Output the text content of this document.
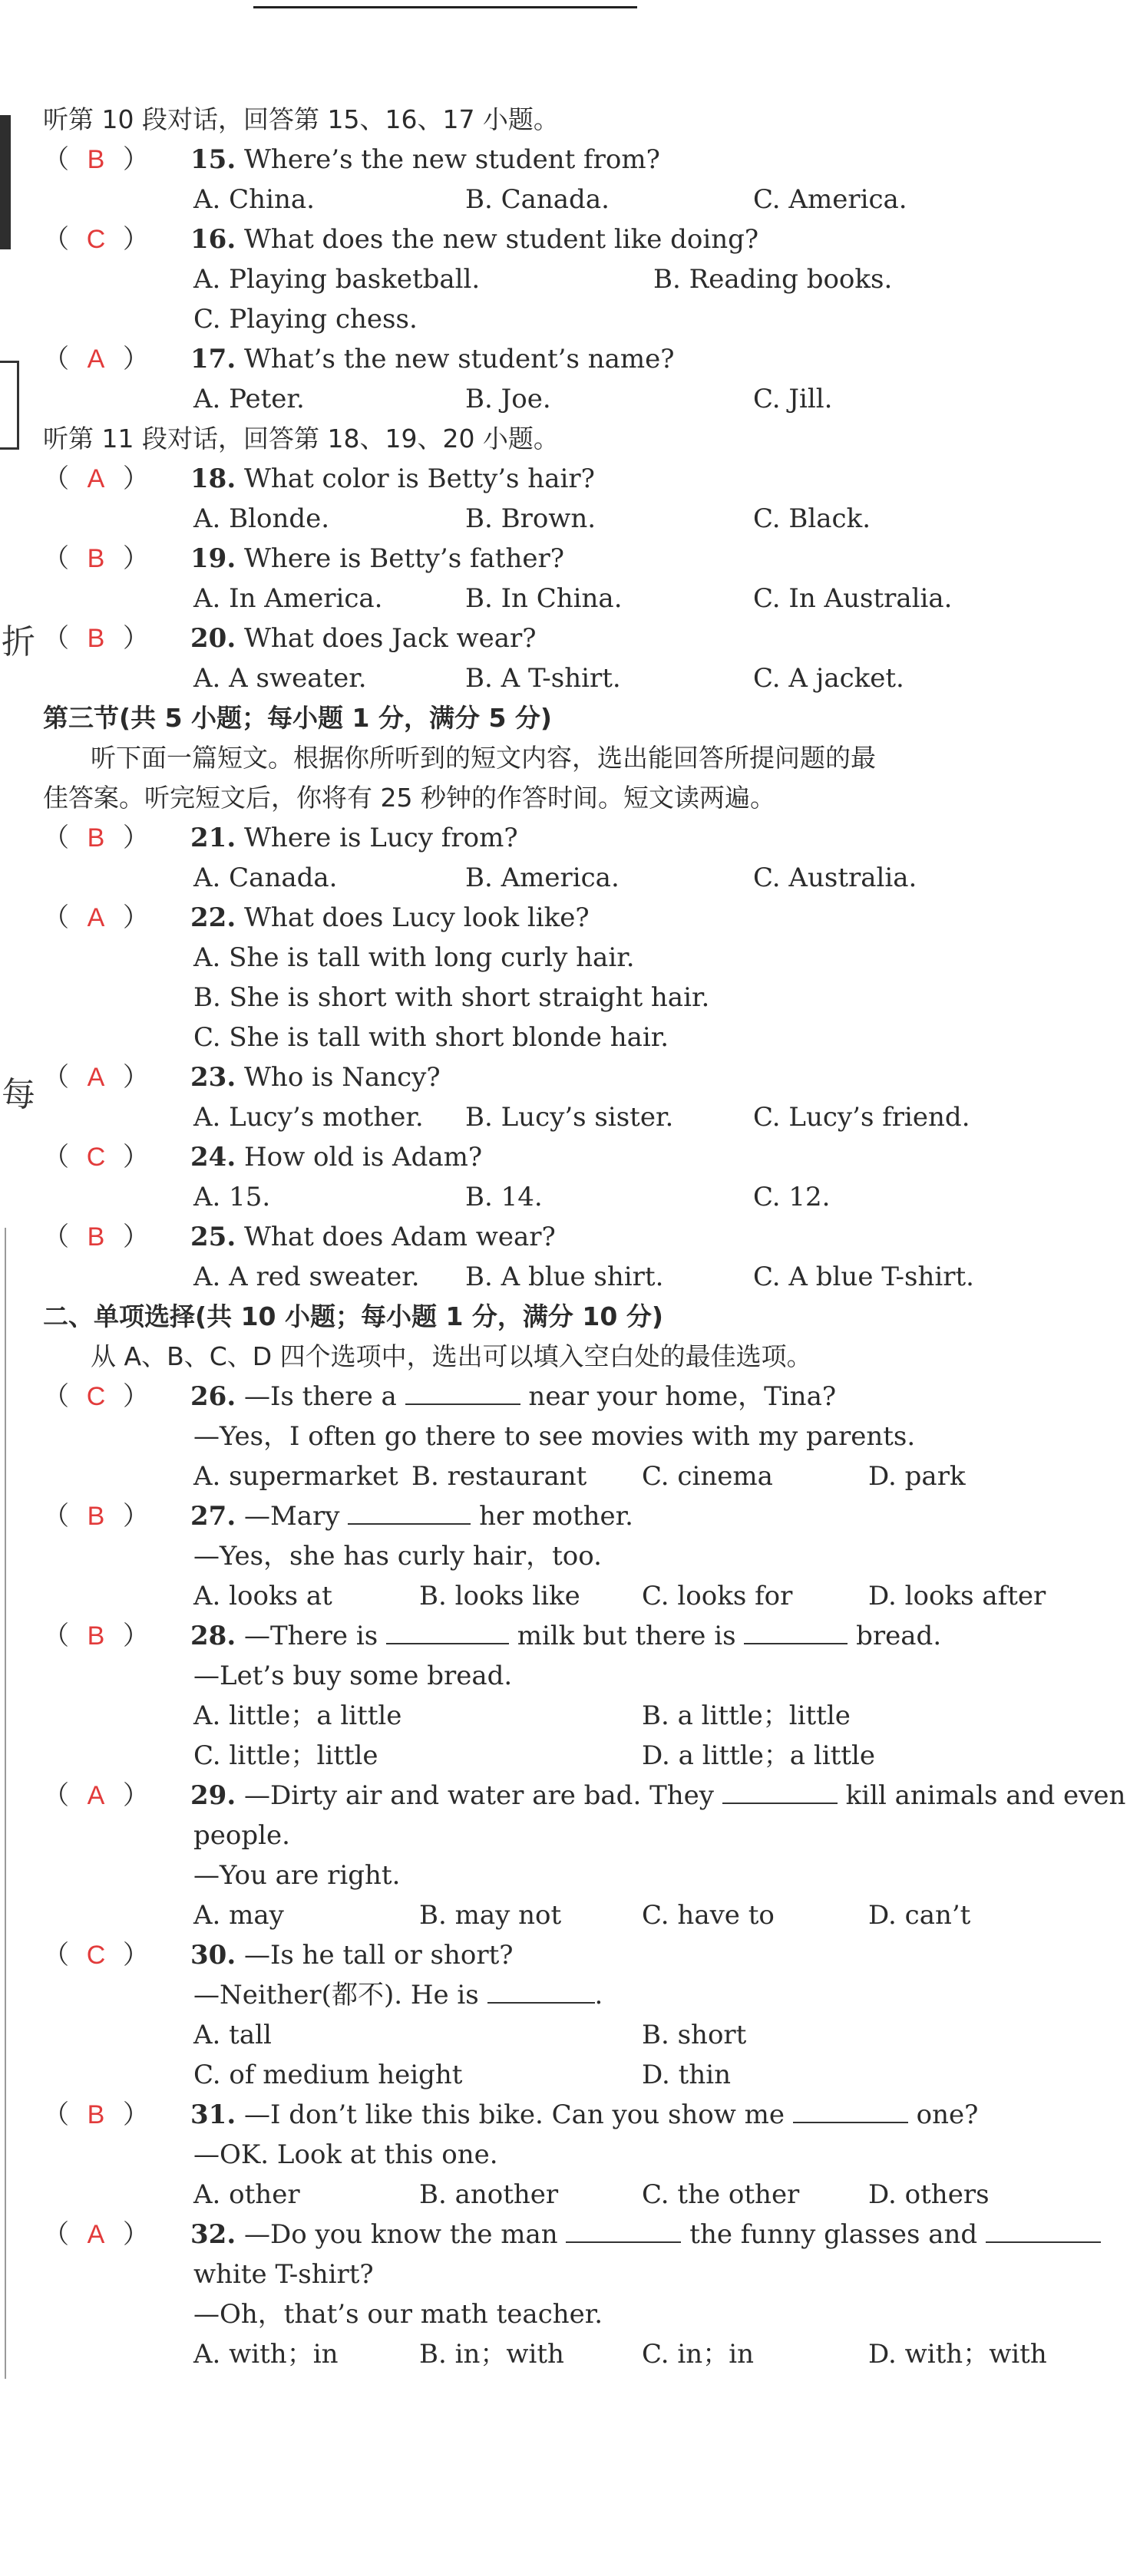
折
每
听第 10 段对话，回答第 15、16、17 小题。
（ B ） 15. Where’s the new student from?
A. China.	B. Canada.	C. America.
（ C ） 16. What does the new student like doing?
A. Playing basketball.	B. Reading books.
C. Playing chess.
（ A ） 17. What’s the new student’s name?
A. Peter.	B. Joe.	C. Jill.
听第 11 段对话，回答第 18、19、20 小题。
（ A ） 18. What color is Betty’s hair?
A. Blonde.	B. Brown.	C. Black.
（ B ） 19. Where is Betty’s father?
A. In America.	B. In China.	C. In Australia.
（ B ） 20. What does Jack wear?
A. A sweater.	B. A T-shirt.	C. A jacket.
第三节(共 5 小题；每小题 1 分，满分 5 分)
听下面一篇短文。根据你所听到的短文内容，选出能回答所提问题的最
佳答案。听完短文后，你将有 25 秒钟的作答时间。短文读两遍。
（ B ） 21. Where is Lucy from?
A. Canada.	B. America.	C. Australia.
（ A ） 22. What does Lucy look like?
A. She is tall with long curly hair.
B. She is short with short straight hair.
C. She is tall with short blonde hair.
（ A ） 23. Who is Nancy?
A. Lucy’s mother. B. Lucy’s sister.	C. Lucy’s friend.
（ C ） 24. How old is Adam?
A. 15.	B. 14.	C. 12.
（ B ） 25. What does Adam wear?
A. A red sweater. B. A blue shirt.	C. A blue T-shirt.
二、单项选择(共 10 小题；每小题 1 分，满分 10 分)
从 A、B、C、D 四个选项中，选出可以填入空白处的最佳选项。
（ C ） 26. —Is there a	near your home，Tina?
—Yes，I often go there to see movies with my parents.
A. supermarket B. restaurant C. cinema	D. park
（ B ） 27. —Mary	her mother.
—Yes，she has curly hair，too.
A. looks at	B. looks like C. looks for	D. looks after
（ B ） 28. —There is	milk but there is	bread.
—Let’s buy some bread.
A. little；a little	B. a little；little
C. little；little	D. a little；a little
（ A ） 29. —Dirty air and water are bad. They	kill animals and even
people.
—You are right.
A. may	B. may not	C. have to	D. can’t
（ C ） 30. —Is he tall or short?
—Neither(都不). He is	.
A. tall	B. short
C. of medium height	D. thin
（ B ） 31. —I don’t like this bike. Can you show me	one?
—OK. Look at this one.
A. other	B. another	C. the other	D. others
（ A ） 32. —Do you know the man	the funny glasses and
white T-shirt?
—Oh，that’s our math teacher.
A. with；in	B. in；with	C. in；in	D. with；with
